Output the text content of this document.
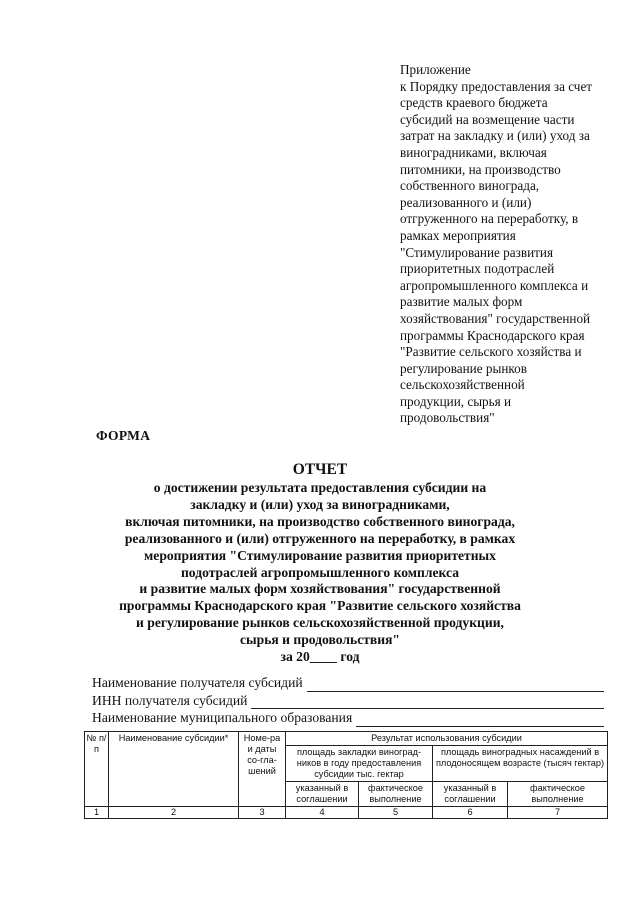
Приложение
к Порядку предоставления за счет
средств краевого бюджета
субсидий на возмещение части
затрат на закладку и (или) уход за
виноградниками, включая
питомники, на производство
собственного винограда,
реализованного и (или)
отгруженного на переработку, в
рамках мероприятия
"Стимулирование развития
приоритетных подотраслей
агропромышленного комплекса и
развитие малых форм
хозяйствования" государственной
программы Краснодарского края
"Развитие сельского хозяйства и
регулирование рынков
сельскохозяйственной
продукции, сырья и
продовольствия"
ФОРМА
ОТЧЕТ
о достижении результата предоставления субсидии на
закладку и (или) уход за виноградниками,
включая питомники, на производство собственного винограда,
реализованного и (или) отгруженного на переработку, в рамках
мероприятия "Стимулирование развития приоритетных
подотраслей агропромышленного комплекса
и развитие малых форм хозяйствования" государственной
программы Краснодарского края "Развитие сельского хозяйства
и регулирование рынков сельскохозяйственной продукции,
сырья и продовольствия"
за 20____ год
Наименование получателя субсидий
ИНН получателя субсидий
Наименование муниципального образования
№ п/п	Наименование субсидии*	Номе-ра и даты со-гла-шений	Результат использования субсидии			
			площадь закладки виноград-ников в году предоставления субсидии тыс. гектар		площадь виноградных насаждений в плодоносящем возрасте (тысяч гектар)	
			указанный в соглашении	фактическое выполнение	указанный в соглашении	фактическое выполнение
1	2	3	4	5	6	7
